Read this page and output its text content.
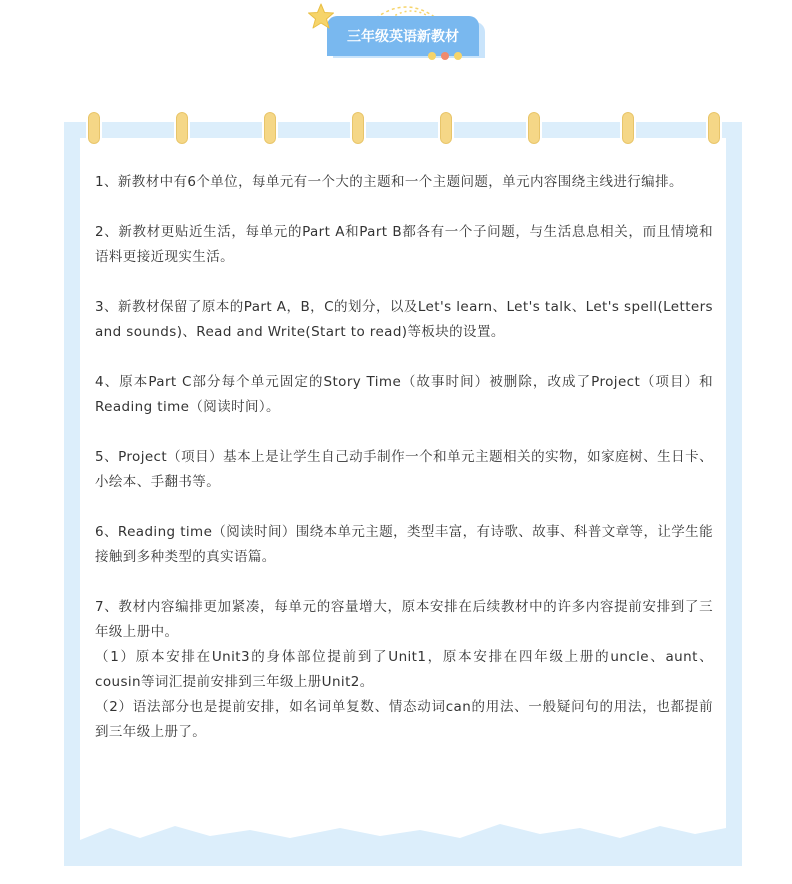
三年级英语新教材

1、新教材中有6个单位，每单元有一个大的主题和一个主题问题，单元内容围绕主线进行编排。

2、新教材更贴近生活，每单元的Part A和Part B都各有一个子问题，与生活息息相关，而且情境和语料更接近现实生活。

3、新教材保留了原本的Part A，B，C的划分，以及Let's learn、Let's talk、Let's spell(Letters and sounds)、Read and Write(Start to read)等板块的设置。

4、原本Part C部分每个单元固定的Story Time（故事时间）被删除，改成了Project（项目）和Reading time（阅读时间）。

5、Project（项目）基本上是让学生自己动手制作一个和单元主题相关的实物，如家庭树、生日卡、小绘本、手翻书等。

6、Reading time（阅读时间）围绕本单元主题，类型丰富，有诗歌、故事、科普文章等，让学生能接触到多种类型的真实语篇。

7、教材内容编排更加紧凑，每单元的容量增大，原本安排在后续教材中的许多内容提前安排到了三年级上册中。

（1）原本安排在Unit3的身体部位提前到了Unit1，原本安排在四年级上册的uncle、aunt、cousin等词汇提前安排到三年级上册Unit2。

（2）语法部分也是提前安排，如名词单复数、情态动词can的用法、一般疑问句的用法，也都提前到三年级上册了。
